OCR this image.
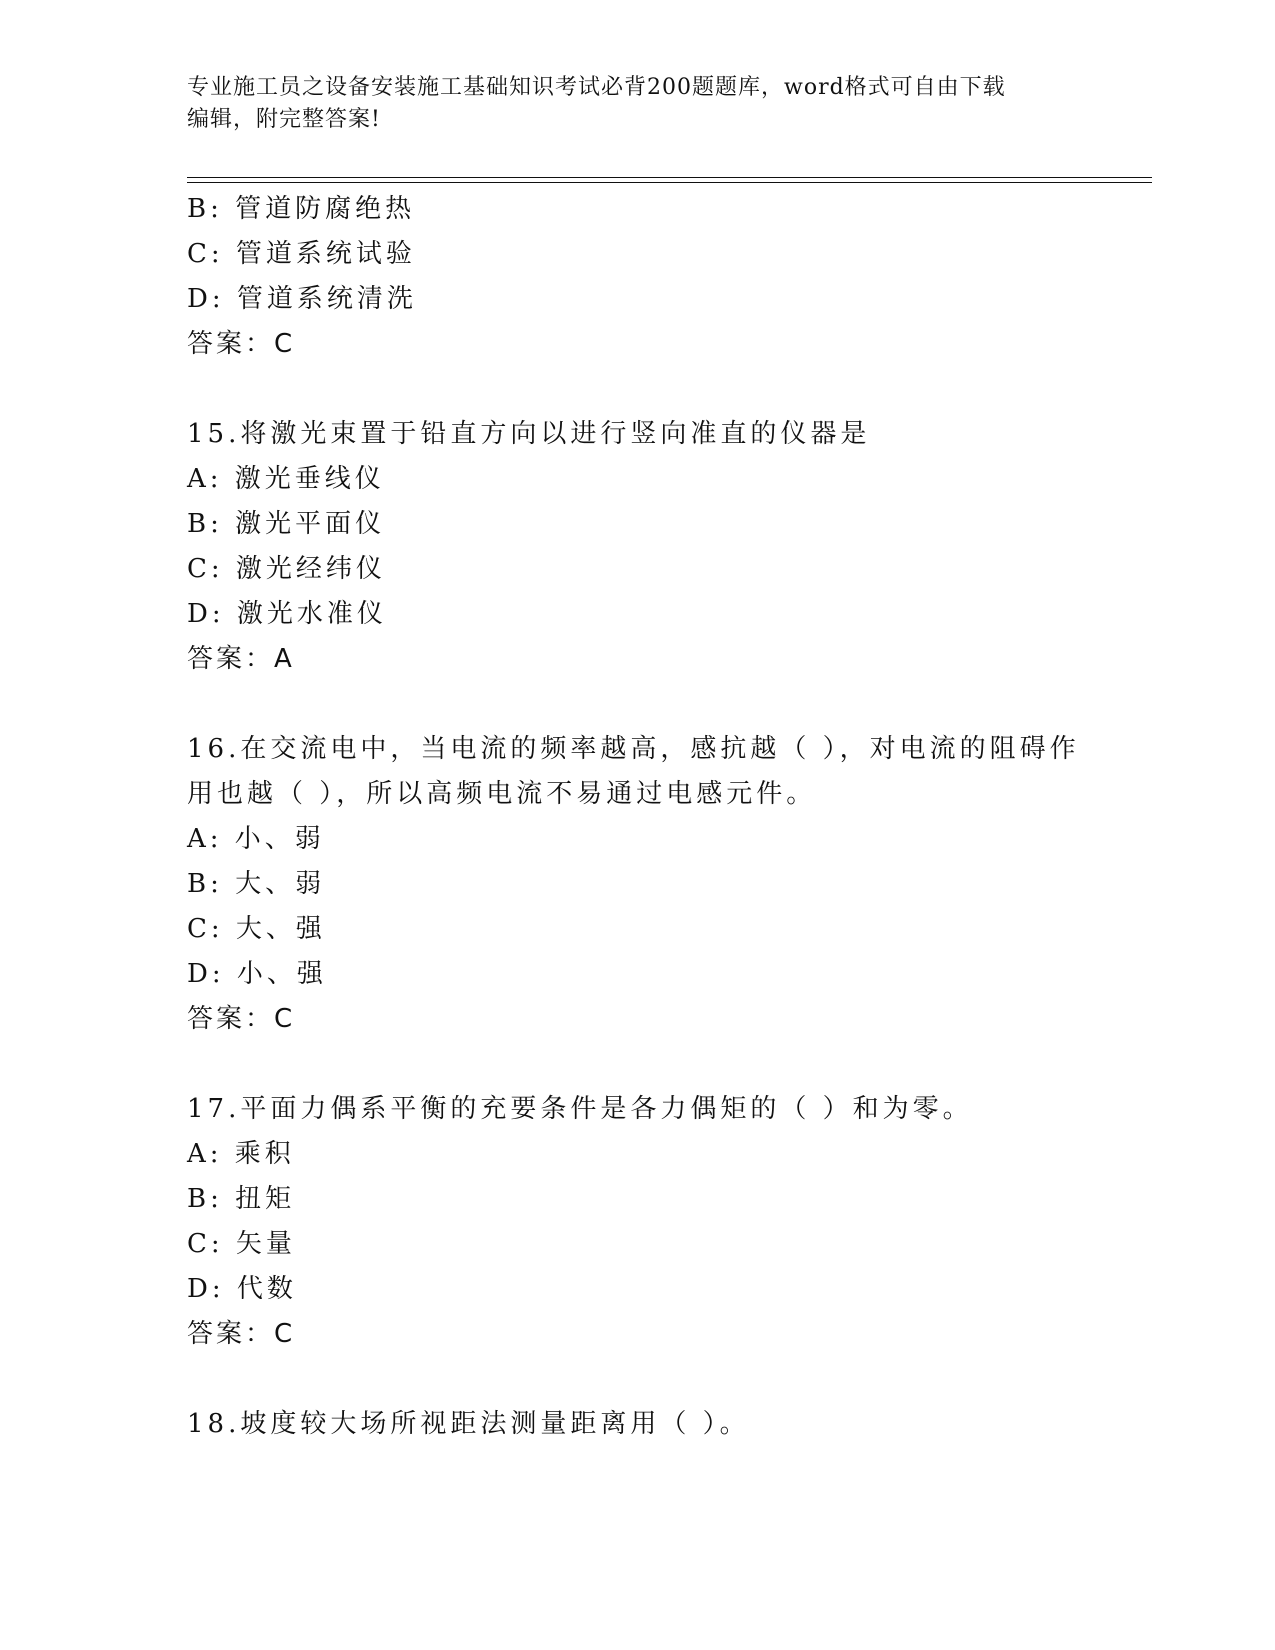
专业施工员之设备安装施工基础知识考试必背200题题库，word格式可自由下载
编辑，附完整答案!
B: 管道防腐绝热
C: 管道系统试验
D: 管道系统清洗
答案：C
15.将激光束置于铅直方向以进行竖向准直的仪器是
A: 激光垂线仪
B: 激光平面仪
C: 激光经纬仪
D: 激光水准仪
答案：A
16.在交流电中，当电流的频率越高，感抗越（ ），对电流的阻碍作
用也越（ ），所以高频电流不易通过电感元件。
A: 小、弱
B: 大、弱
C: 大、强
D: 小、强
答案：C
17.平面力偶系平衡的充要条件是各力偶矩的（ ）和为零。
A: 乘积
B: 扭矩
C: 矢量
D: 代数
答案：C
18.坡度较大场所视距法测量距离用（ ）。
